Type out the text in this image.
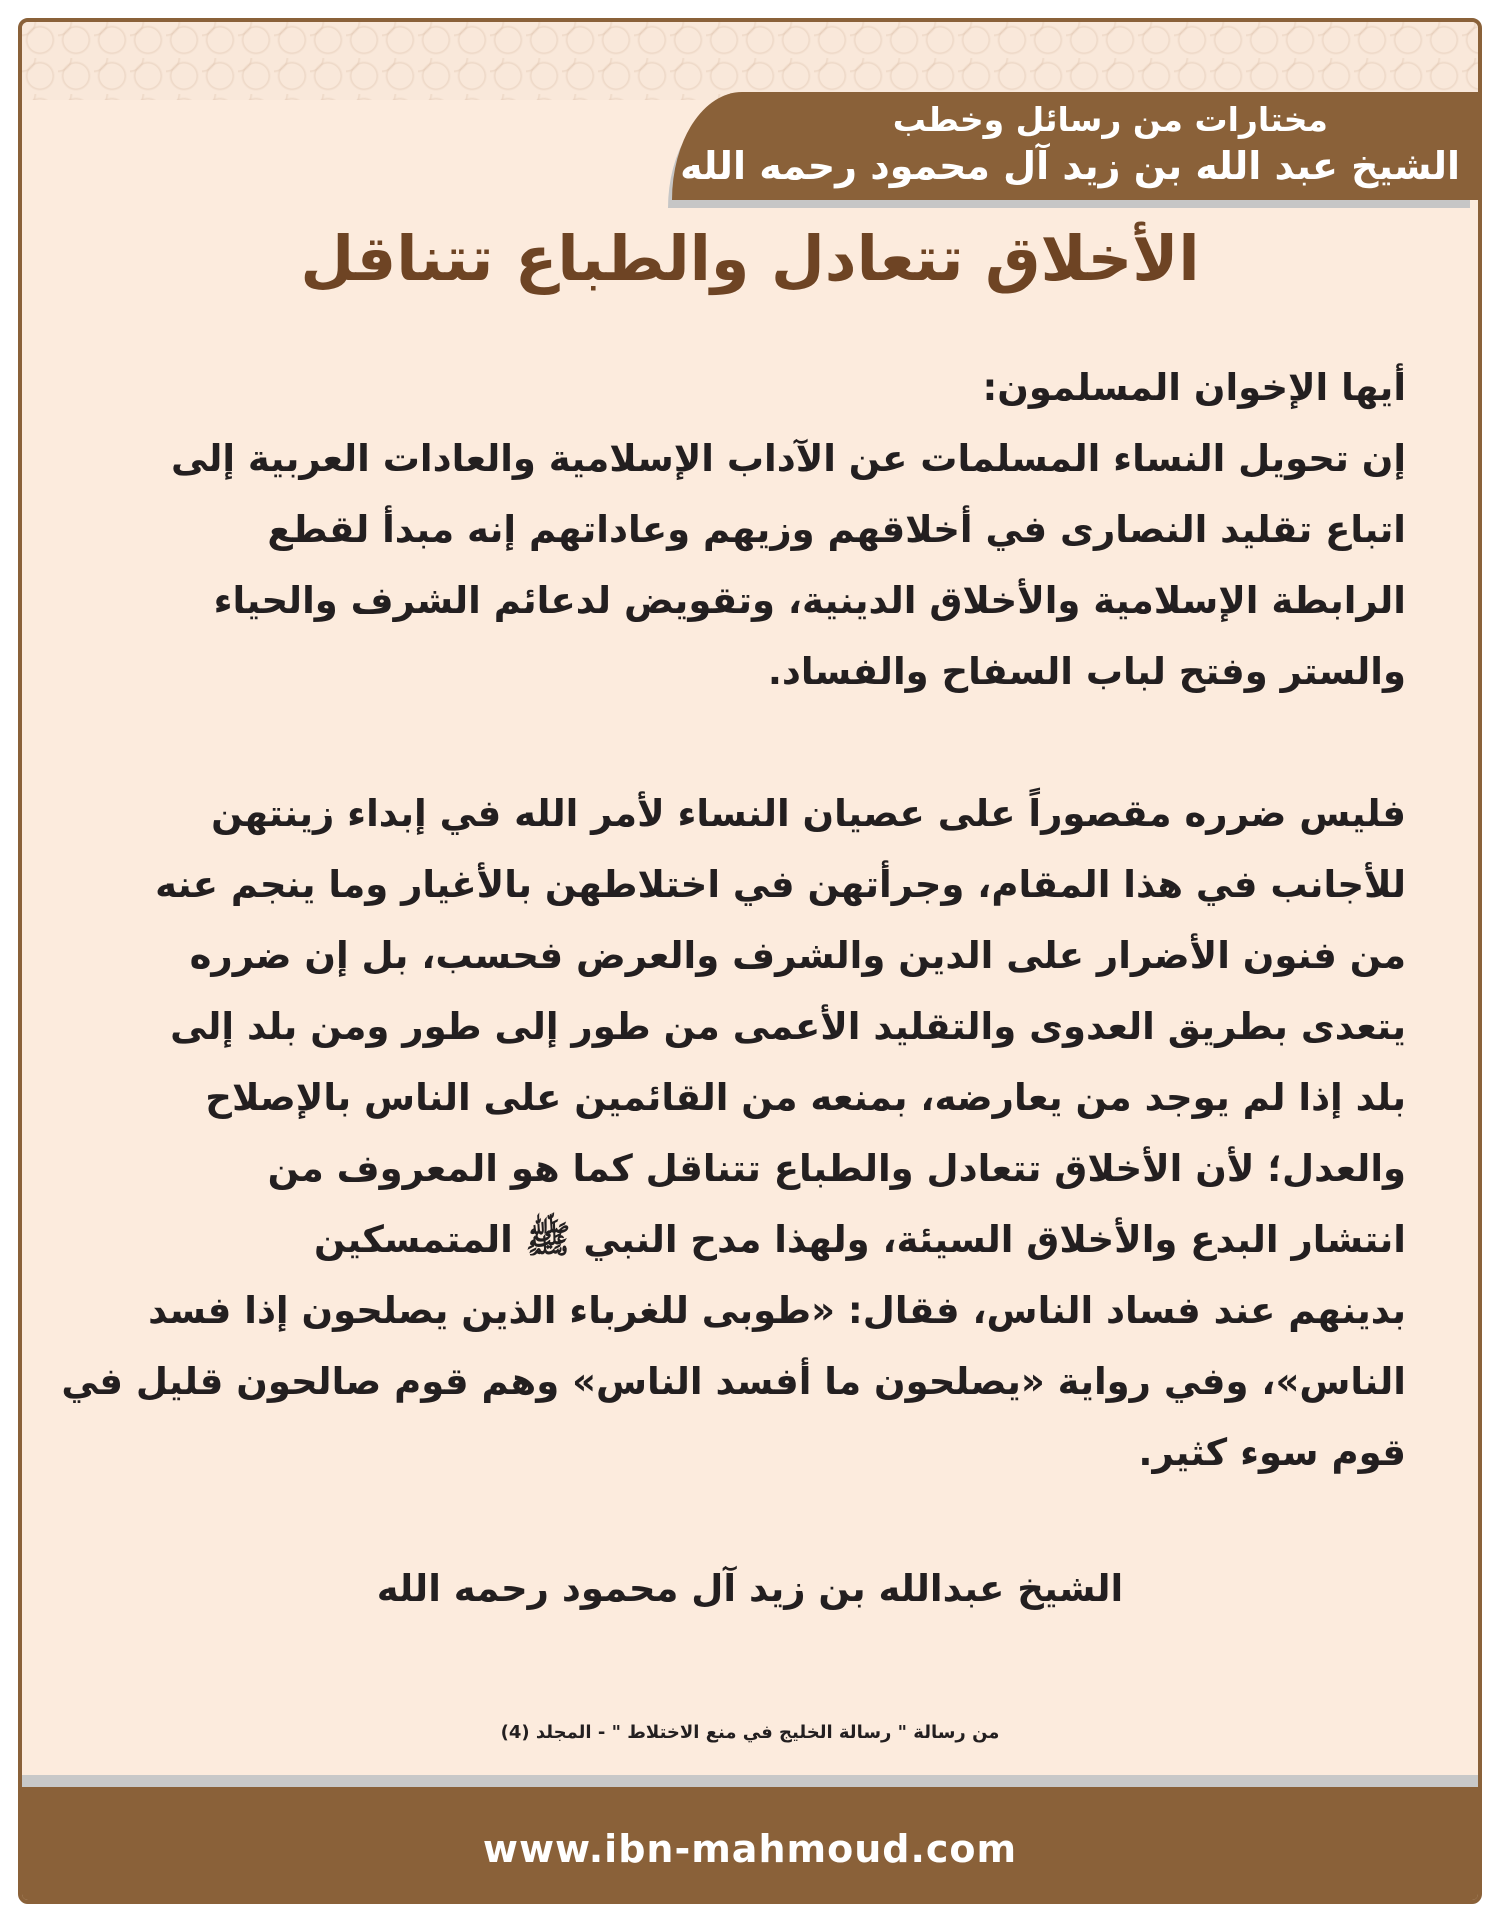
مختارات من رسائل وخطب
الشيخ عبد الله بن زيد آل محمود رحمه الله
الأخلاق تتعادل والطباع تتناقل
أيها الإخوان المسلمون:
إن تحويل النساء المسلمات عن الآداب الإسلامية والعادات العربية إلى
اتباع تقليد النصارى في أخلاقهم وزيهم وعاداتهم إنه مبدأ لقطع
الرابطة الإسلامية والأخلاق الدينية، وتقويض لدعائم الشرف والحياء
والستر وفتح لباب السفاح والفساد.
فليس ضرره مقصوراً على عصيان النساء لأمر الله في إبداء زينتهن
للأجانب في هذا المقام، وجرأتهن في اختلاطهن بالأغيار وما ينجم عنه
من فنون الأضرار على الدين والشرف والعرض فحسب، بل إن ضرره
يتعدى بطريق العدوى والتقليد الأعمى من طور إلى طور ومن بلد إلى
بلد إذا لم يوجد من يعارضه، بمنعه من القائمين على الناس بالإصلاح
والعدل؛ لأن الأخلاق تتعادل والطباع تتناقل كما هو المعروف من
انتشار البدع والأخلاق السيئة، ولهذا مدح النبي ﷺ المتمسكين
بدينهم عند فساد الناس، فقال: «طوبى للغرباء الذين يصلحون إذا فسد
الناس»، وفي رواية «يصلحون ما أفسد الناس» وهم قوم صالحون قليل في
قوم سوء كثير.
الشيخ عبدالله بن زيد آل محمود رحمه الله
من رسالة " رسالة الخليج في منع الاختلاط " - المجلد (4)
www.ibn-mahmoud.com
